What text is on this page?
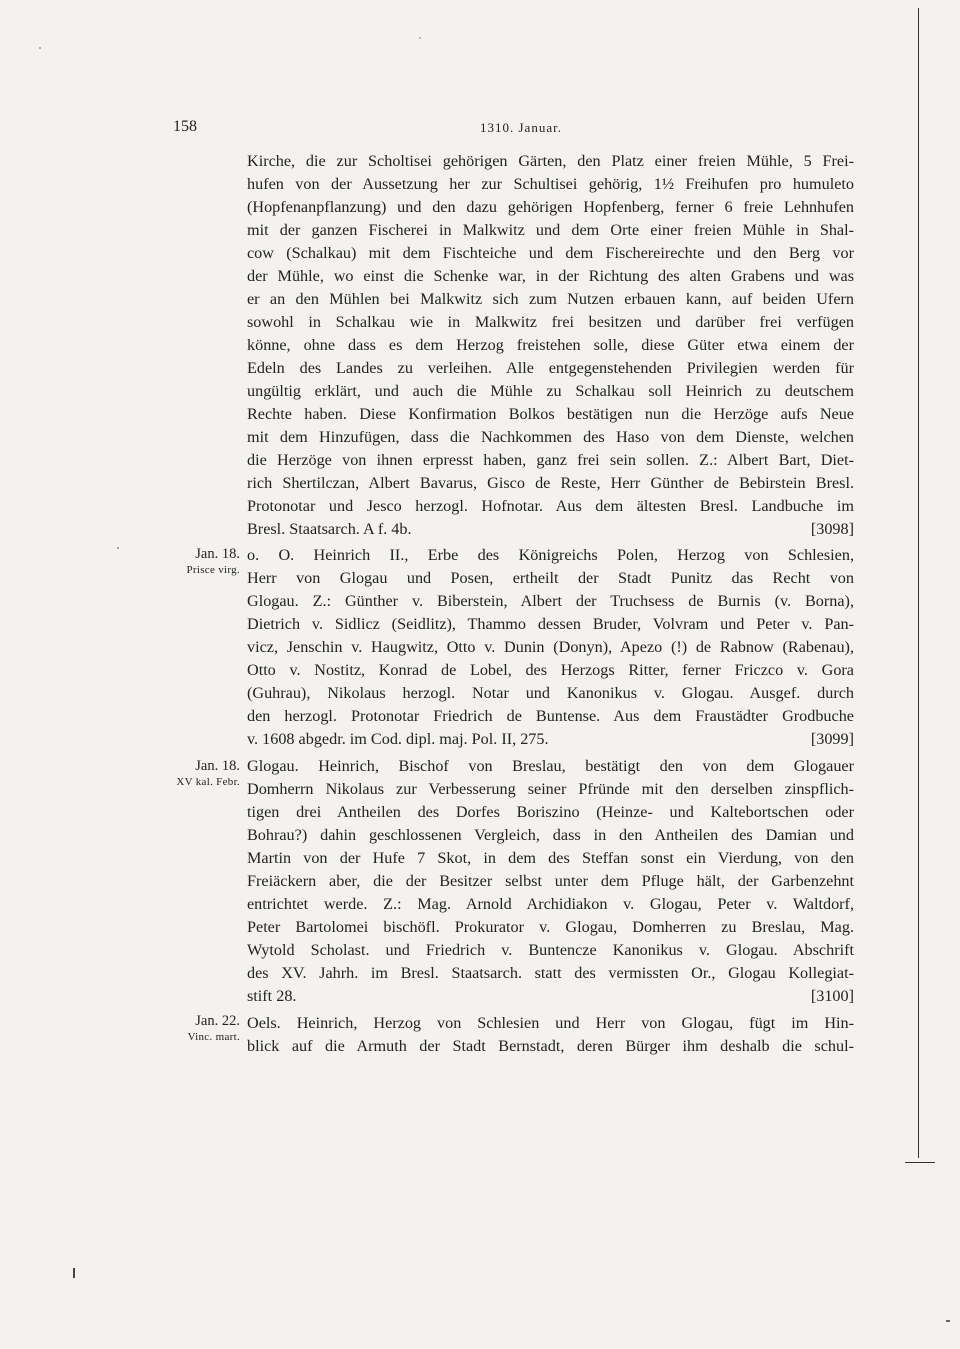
158	1310. Januar.
Kirche, die zur Scholtisei gehörigen Gärten, den Platz einer freien Mühle, 5 Frei-
hufen von der Aussetzung her zur Schultisei gehörig, 1½ Freihufen pro humuleto
(Hopfenanpflanzung) und den dazu gehörigen Hopfenberg, ferner 6 freie Lehnhufen
mit der ganzen Fischerei in Malkwitz und dem Orte einer freien Mühle in Shal-
cow (Schalkau) mit dem Fischteiche und dem Fischereirechte und den Berg vor
der Mühle, wo einst die Schenke war, in der Richtung des alten Grabens und was
er an den Mühlen bei Malkwitz sich zum Nutzen erbauen kann, auf beiden Ufern
sowohl in Schalkau wie in Malkwitz frei besitzen und darüber frei verfügen
könne, ohne dass es dem Herzog freistehen solle, diese Güter etwa einem der
Edeln des Landes zu verleihen. Alle entgegenstehenden Privilegien werden für
ungültig erklärt, und auch die Mühle zu Schalkau soll Heinrich zu deutschem
Rechte haben. Diese Konfirmation Bolkos bestätigen nun die Herzöge aufs Neue
mit dem Hinzufügen, dass die Nachkommen des Haso von dem Dienste, welchen
die Herzöge von ihnen erpresst haben, ganz frei sein sollen. Z.: Albert Bart, Diet-
rich Shertilczan, Albert Bavarus, Gisco de Reste, Herr Günther de Bebirstein Bresl.
Protonotar und Jesco herzogl. Hofnotar. Aus dem ältesten Bresl. Landbuche im
Bresl. Staatsarch. A f. 4b.	[3098]
Jan. 18.
Prisce virg.
o. O. Heinrich II., Erbe des Königreichs Polen, Herzog von Schlesien,
Herr von Glogau und Posen, ertheilt der Stadt Punitz das Recht von
Glogau. Z.: Günther v. Biberstein, Albert der Truchsess de Burnis (v. Borna),
Dietrich v. Sidlicz (Seidlitz), Thammo dessen Bruder, Volvram und Peter v. Pan-
vicz, Jenschin v. Haugwitz, Otto v. Dunin (Donyn), Apezo (!) de Rabnow (Rabenau),
Otto v. Nostitz, Konrad de Lobel, des Herzogs Ritter, ferner Friczco v. Gora
(Guhrau), Nikolaus herzogl. Notar und Kanonikus v. Glogau. Ausgef. durch
den herzogl. Protonotar Friedrich de Buntense. Aus dem Fraustädter Grodbuche
v. 1608 abgedr. im Cod. dipl. maj. Pol. II, 275.	[3099]
Jan. 18.
XV kal. Febr.
Glogau. Heinrich, Bischof von Breslau, bestätigt den von dem Glogauer
Domherrn Nikolaus zur Verbesserung seiner Pfründe mit den derselben zinspflich-
tigen drei Antheilen des Dorfes Boriszino (Heinze- und Kaltebortschen oder
Bohrau?) dahin geschlossenen Vergleich, dass in den Antheilen des Damian und
Martin von der Hufe 7 Skot, in dem des Steffan sonst ein Vierdung, von den
Freiäckern aber, die der Besitzer selbst unter dem Pfluge hält, der Garbenzehnt
entrichtet werde. Z.: Mag. Arnold Archidiakon v. Glogau, Peter v. Waltdorf,
Peter Bartolomei bischöfl. Prokurator v. Glogau, Domherren zu Breslau, Mag.
Wytold Scholast. und Friedrich v. Buntencze Kanonikus v. Glogau. Abschrift
des XV. Jahrh. im Bresl. Staatsarch. statt des vermissten Or., Glogau Kollegiat-
stift 28.	[3100]
Jan. 22.
Vinc. mart.
Oels. Heinrich, Herzog von Schlesien und Herr von Glogau, fügt im Hin-
blick auf die Armuth der Stadt Bernstadt, deren Bürger ihm deshalb die schul-
